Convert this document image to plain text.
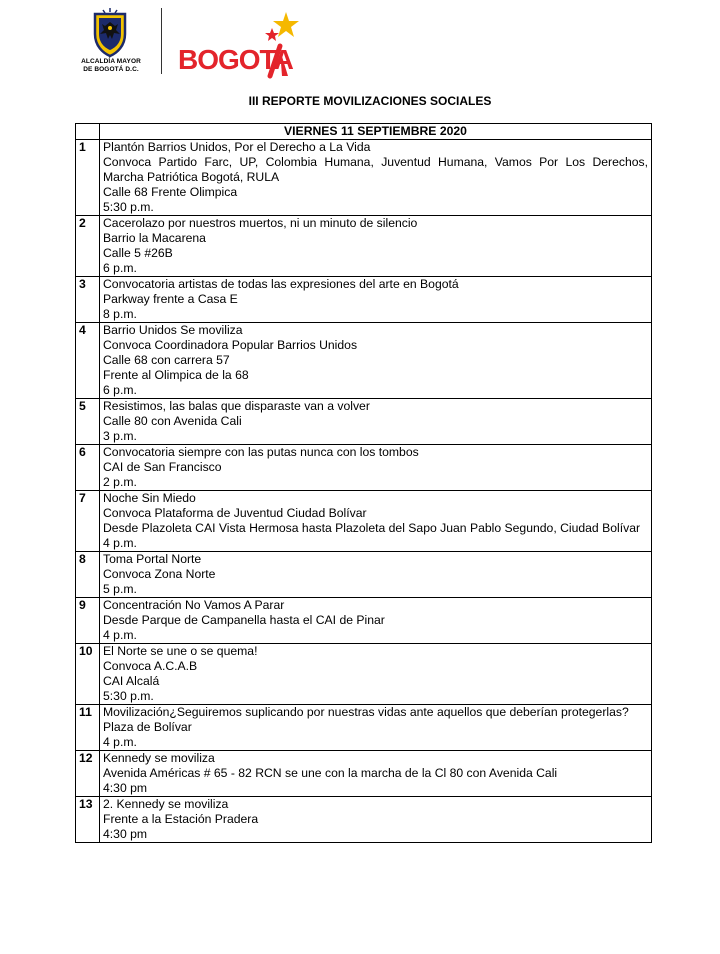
ALCALDÍA MAYOR
DE BOGOTÁ D.C. BOGOTA
III REPORTE MOVILIZACIONES SOCIALES
	VIERNES 11 SEPTIEMBRE 2020
1	Plantón Barrios Unidos, Por el Derecho a La Vida
Convoca Partido Farc, UP, Colombia Humana, Juventud Humana, Vamos Por Los Derechos, Marcha Patriótica Bogotá, RULA
Calle 68 Frente Olimpica
5:30 p.m.

2	Cacerolazo por nuestros muertos, ni un minuto de silencio
Barrio la Macarena
Calle 5 #26B
6 p.m.

3	Convocatoria artistas de todas las expresiones del arte en Bogotá
Parkway frente a Casa E
8 p.m.

4	Barrio Unidos Se moviliza
Convoca Coordinadora Popular Barrios Unidos
Calle 68 con carrera 57
Frente al Olimpica de la 68
6 p.m.

5	Resistimos, las balas que disparaste van a volver
Calle 80 con Avenida Cali
3 p.m.

6	Convocatoria siempre con las putas nunca con los tombos
CAI de San Francisco
2 p.m.

7	Noche Sin Miedo
Convoca Plataforma de Juventud Ciudad Bolívar
Desde Plazoleta CAI Vista Hermosa hasta Plazoleta del Sapo Juan Pablo Segundo, Ciudad Bolívar
4 p.m.

8	Toma Portal Norte
Convoca Zona Norte
5 p.m.

9	Concentración No Vamos A Parar
Desde Parque de Campanella hasta el CAI de Pinar
4 p.m.

10	El Norte se une o se quema!
Convoca A.C.A.B
CAI Alcalá
5:30 p.m.

11	Movilización¿Seguiremos suplicando por nuestras vidas ante aquellos que deberían protegerlas?
Plaza de Bolívar
4 p.m.

12	Kennedy se moviliza
Avenida Américas # 65 - 82 RCN se une con la marcha de la Cl 80 con Avenida Cali
4:30 pm

13	2. Kennedy se moviliza
Frente a la Estación Pradera
4:30 pm
